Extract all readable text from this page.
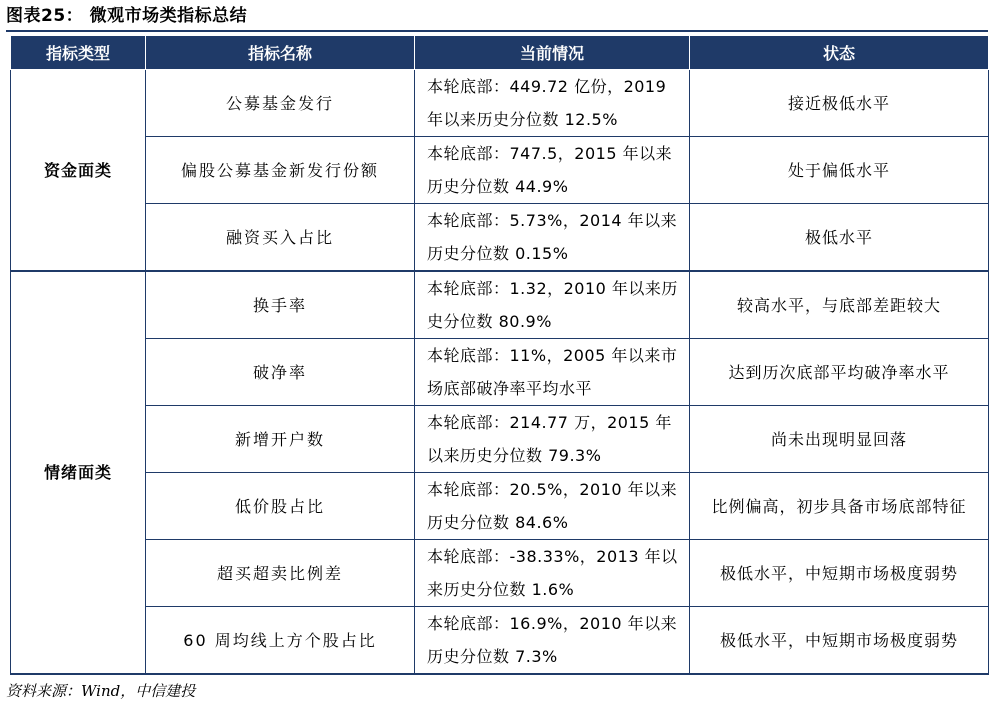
图表25： 微观市场类指标总结
指标类型	指标名称	当前情况	状态
资金面类	公募基金发行	本轮底部：449.72 亿份，2019 年以来历史分位数 12.5%	接近极低水平
	偏股公募基金新发行份额	本轮底部：747.5，2015 年以来历史分位数 44.9%	处于偏低水平
	融资买入占比	本轮底部：5.73%，2014 年以来历史分位数 0.15%	极低水平
情绪面类	换手率	本轮底部：1.32，2010 年以来历史分位数 80.9%	较高水平，与底部差距较大
	破净率	本轮底部：11%，2005 年以来市场底部破净率平均水平	达到历次底部平均破净率水平
	新增开户数	本轮底部：214.77 万，2015 年以来历史分位数 79.3%	尚未出现明显回落
	低价股占比	本轮底部：20.5%，2010 年以来历史分位数 84.6%	比例偏高，初步具备市场底部特征
	超买超卖比例差	本轮底部：-38.33%，2013 年以来历史分位数 1.6%	极低水平，中短期市场极度弱势
	60 周均线上方个股占比	本轮底部：16.9%，2010 年以来历史分位数 7.3%	极低水平，中短期市场极度弱势
资料来源：Wind，中信建投
